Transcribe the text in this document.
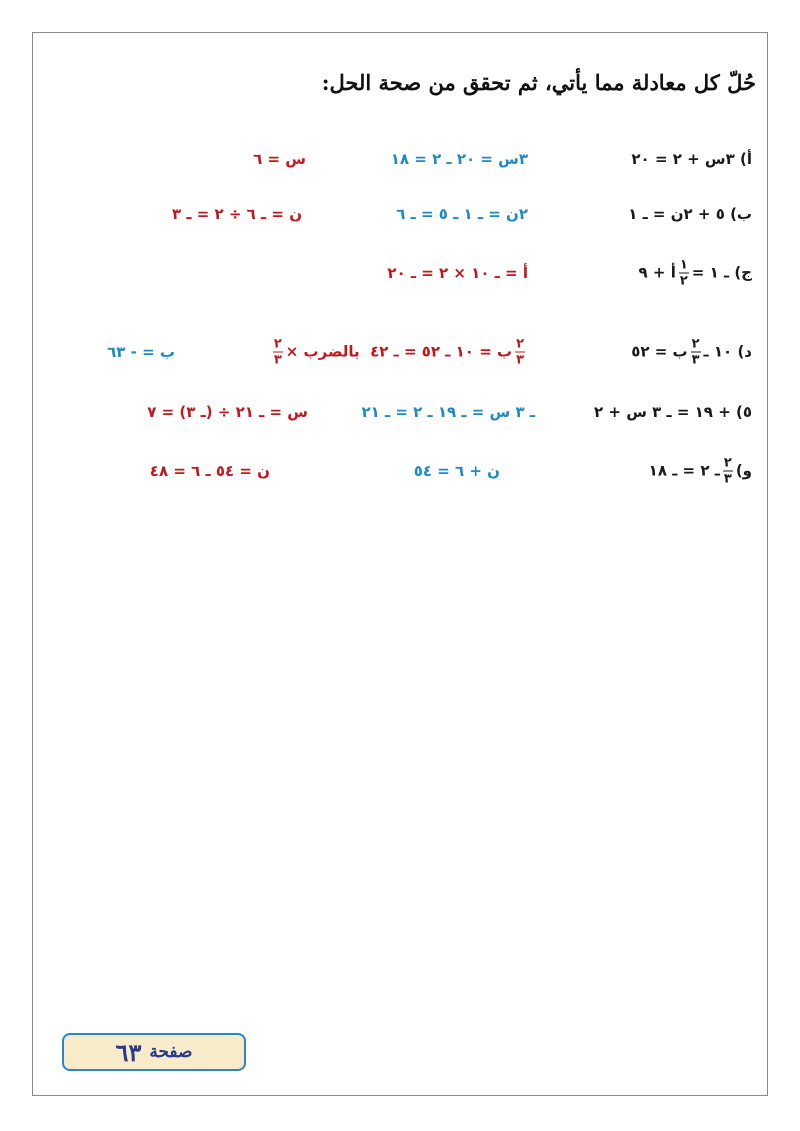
حُلّ كل معادلة مما يأتي، ثم تحقق من صحة الحل:
أ) ٣س + ٢ = ٢٠
٣س = ٢٠ ـ ٢ = ١٨
س = ٦
ب) ٥ + ٢ن = ـ ١
٢ن = ـ ١ ـ ٥ = ـ ٦
ن = ـ ٦ ÷ ٢ = ـ ٣
ج) ـ ١ =
$\frac{١}{٢}$
أ + ٩
أ = ـ ١٠ × ٢ = ـ ٢٠
د) ١٠ ـ
$\frac{٢}{٣}$
ب = ٥٢
$\frac{٢}{٣}$
ب = ١٠ ـ ٥٢ = ـ ٤٢  بالضرب ×
$\frac{٢}{٣}$
ب = - ٦٣
٥) + ١٩ = ـ ٣ س + ٢
ـ ٣ س = ـ ١٩ ـ ٢ = ـ ٢١
س = ـ ٢١ ÷ (ـ ٣) = ٧
و)
$\frac{٢}{٣}$
ـ ٢ = ـ ١٨
ن + ٦ = ٥٤
ن = ٥٤ ـ ٦ = ٤٨
صفحة
٦٣
